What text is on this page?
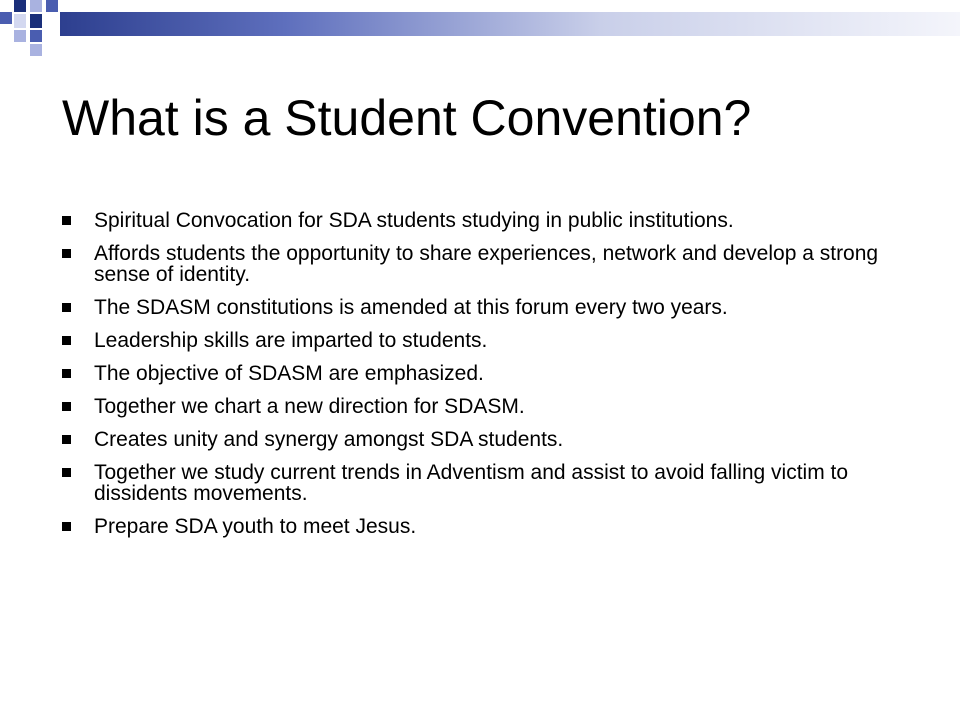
What is a Student Convention?
Spiritual Convocation for SDA students studying in public institutions.
Affords students the opportunity to share experiences, network and develop a strong sense of identity.
The SDASM constitutions is amended at this forum every two years.
Leadership skills are imparted to students.
The objective of SDASM are emphasized.
Together we chart a new direction for SDASM.
Creates unity and synergy amongst SDA students.
Together we study current trends in Adventism and assist to avoid falling victim to dissidents movements.
Prepare SDA youth to meet Jesus.
